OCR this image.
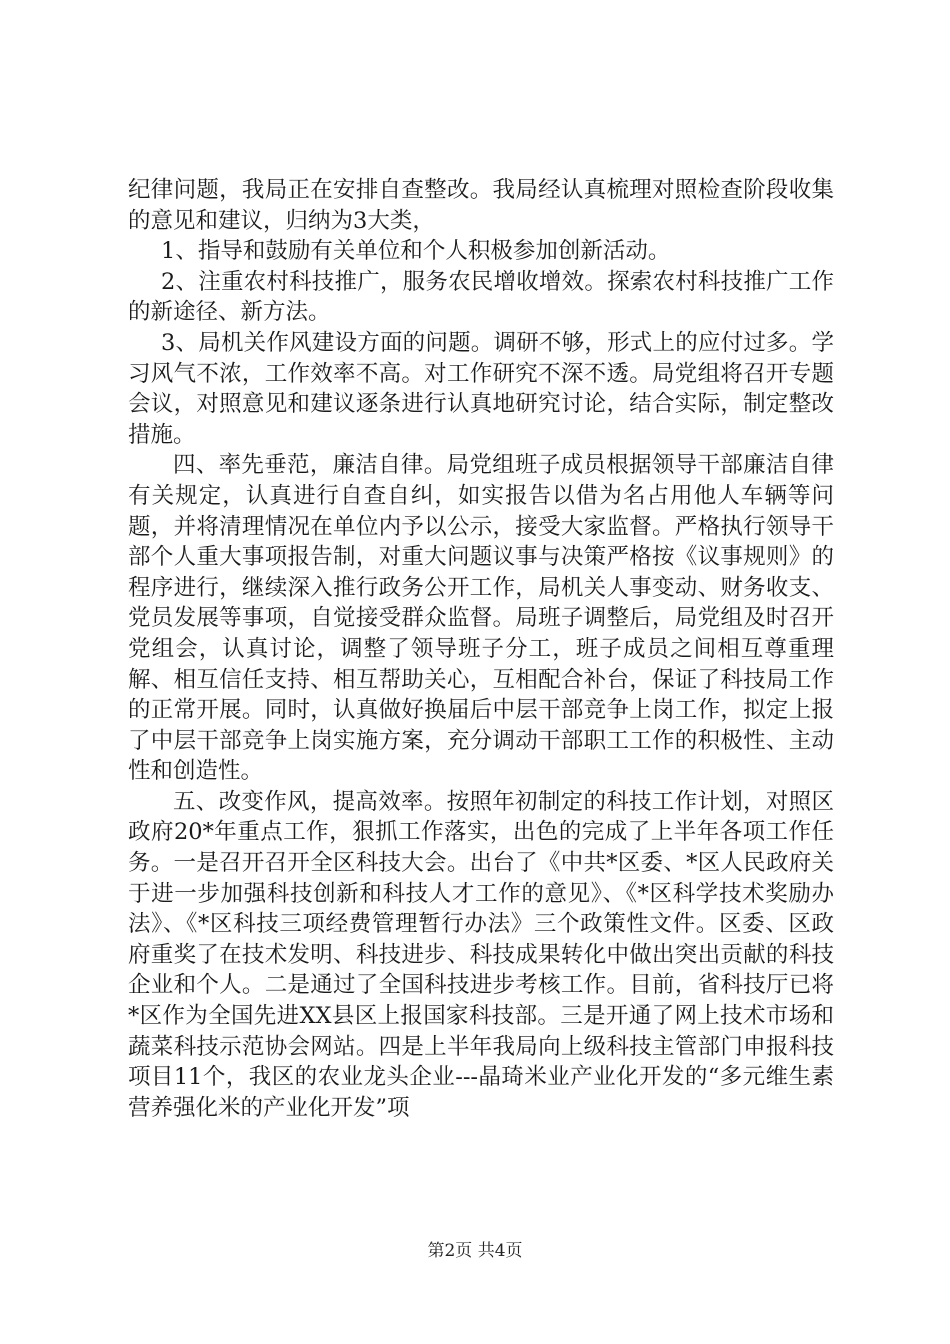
纪律问题，我局正在安排自查整改。我局经认真梳理对照检查阶段收集的意见和建议，归纳为3大类，

1、指导和鼓励有关单位和个人积极参加创新活动。

2、注重农村科技推广，服务农民增收增效。探索农村科技推广工作的新途径、新方法。

3、局机关作风建设方面的问题。调研不够，形式上的应付过多。学习风气不浓，工作效率不高。对工作研究不深不透。局党组将召开专题会议，对照意见和建议逐条进行认真地研究讨论，结合实际，制定整改措施。

四、率先垂范，廉洁自律。局党组班子成员根据领导干部廉洁自律有关规定，认真进行自查自纠，如实报告以借为名占用他人车辆等问题，并将清理情况在单位内予以公示，接受大家监督。严格执行领导干部个人重大事项报告制，对重大问题议事与决策严格按《议事规则》的程序进行，继续深入推行政务公开工作，局机关人事变动、财务收支、党员发展等事项，自觉接受群众监督。局班子调整后，局党组及时召开党组会，认真讨论，调整了领导班子分工，班子成员之间相互尊重理解、相互信任支持、相互帮助关心，互相配合补台，保证了科技局工作的正常开展。同时，认真做好换届后中层干部竞争上岗工作，拟定上报了中层干部竞争上岗实施方案，充分调动干部职工工作的积极性、主动性和创造性。

五、改变作风，提高效率。按照年初制定的科技工作计划，对照区政府20*年重点工作，狠抓工作落实，出色的完成了上半年各项工作任务。一是召开召开全区科技大会。出台了《中共*区委、*区人民政府关于进一步加强科技创新和科技人才工作的意见》、《*区科学技术奖励办法》、《*区科技三项经费管理暂行办法》三个政策性文件。区委、区政府重奖了在技术发明、科技进步、科技成果转化中做出突出贡献的科技企业和个人。二是通过了全国科技进步考核工作。目前，省科技厅已将*区作为全国先进XX县区上报国家科技部。三是开通了网上技术市场和蔬菜科技示范协会网站。四是上半年我局向上级科技主管部门申报科技项目11个，我区的农业龙头企业---晶琦米业产业化开发的“多元维生素营养强化米的产业化开发”项

第2页 共4页
